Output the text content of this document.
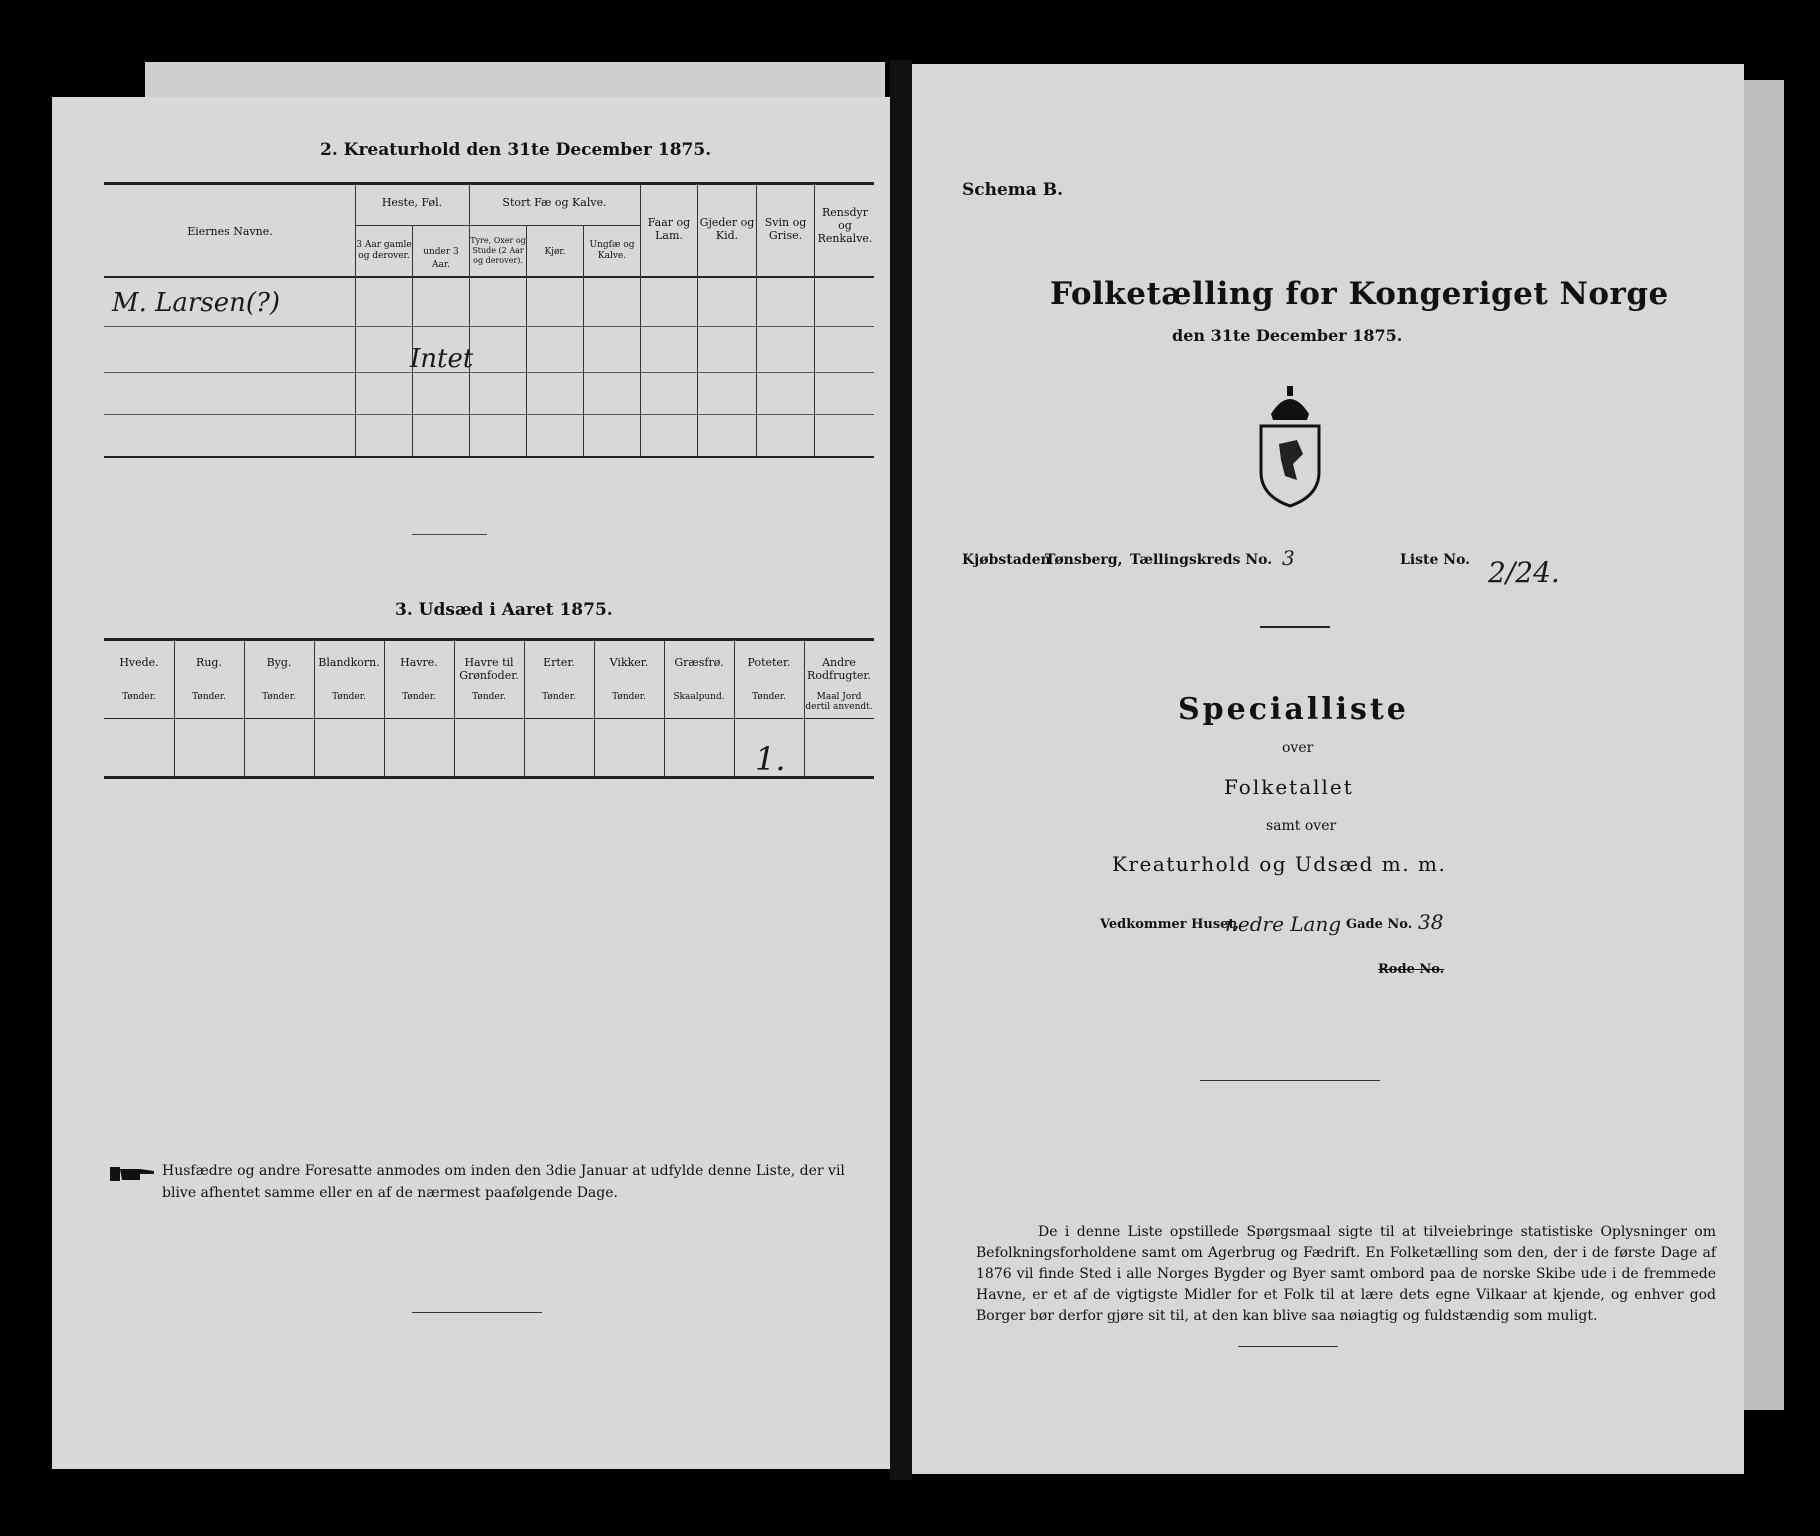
2. Kreaturhold den 31te December 1875.
Eiernes Navne.
Heste, Føl.
3 Aar gamle og derover.	under 3 Aar.
Stort Fæ og Kalve.
Tyre, Oxer og Stude (2 Aar og derover).
Kjør.
Ungfæ og Kalve.
Faar og Lam.
Gjeder og Kid.
Svin og Grise.
Rensdyr og Renkalve.
M. Larsen(?)
Intet
3. Udsæd i Aaret 1875.
Hvede.
Tønder.
Rug.
Tønder.
Byg.
Tønder.
Blandkorn.
Tønder.
Havre.
Tønder.
Havre til Grønfoder.
Tønder.
Erter.
Tønder.
Vikker.
Tønder.
Græsfrø.
Skaalpund.
Poteter.
Tønder.
Andre Rodfrugter.
Maal Jord dertil anvendt.
1.
Husfædre og andre Foresatte anmodes om inden den 3die Januar at udfylde denne Liste, der vil blive afhentet samme eller en af de nærmest paafølgende Dage.
Schema B.
Folketælling for Kongeriget Norge
den 31te December 1875.
Kjøbstaden
Tønsberg, Tællingskreds No. 3	Liste No. 2/24.
Specialliste
over
Folketallet
samt over
Kreaturhold og Udsæd m. m.
Vedkommer Huset,
nedre Lang Gade No. 38
Rode No.
De i denne Liste opstillede Spørgsmaal sigte til at tilveiebringe statistiske Oplysninger om Befolkningsforholdene samt om Agerbrug og Fædrift. En Folketælling som den, der i de første Dage af 1876 vil finde Sted i alle Norges Bygder og Byer samt ombord paa de norske Skibe ude i de fremmede Havne, er et af de vigtigste Midler for et Folk til at lære dets egne Vilkaar at kjende, og enhver god Borger bør derfor gjøre sit til, at den kan blive saa nøiagtig og fuldstændig som muligt.
